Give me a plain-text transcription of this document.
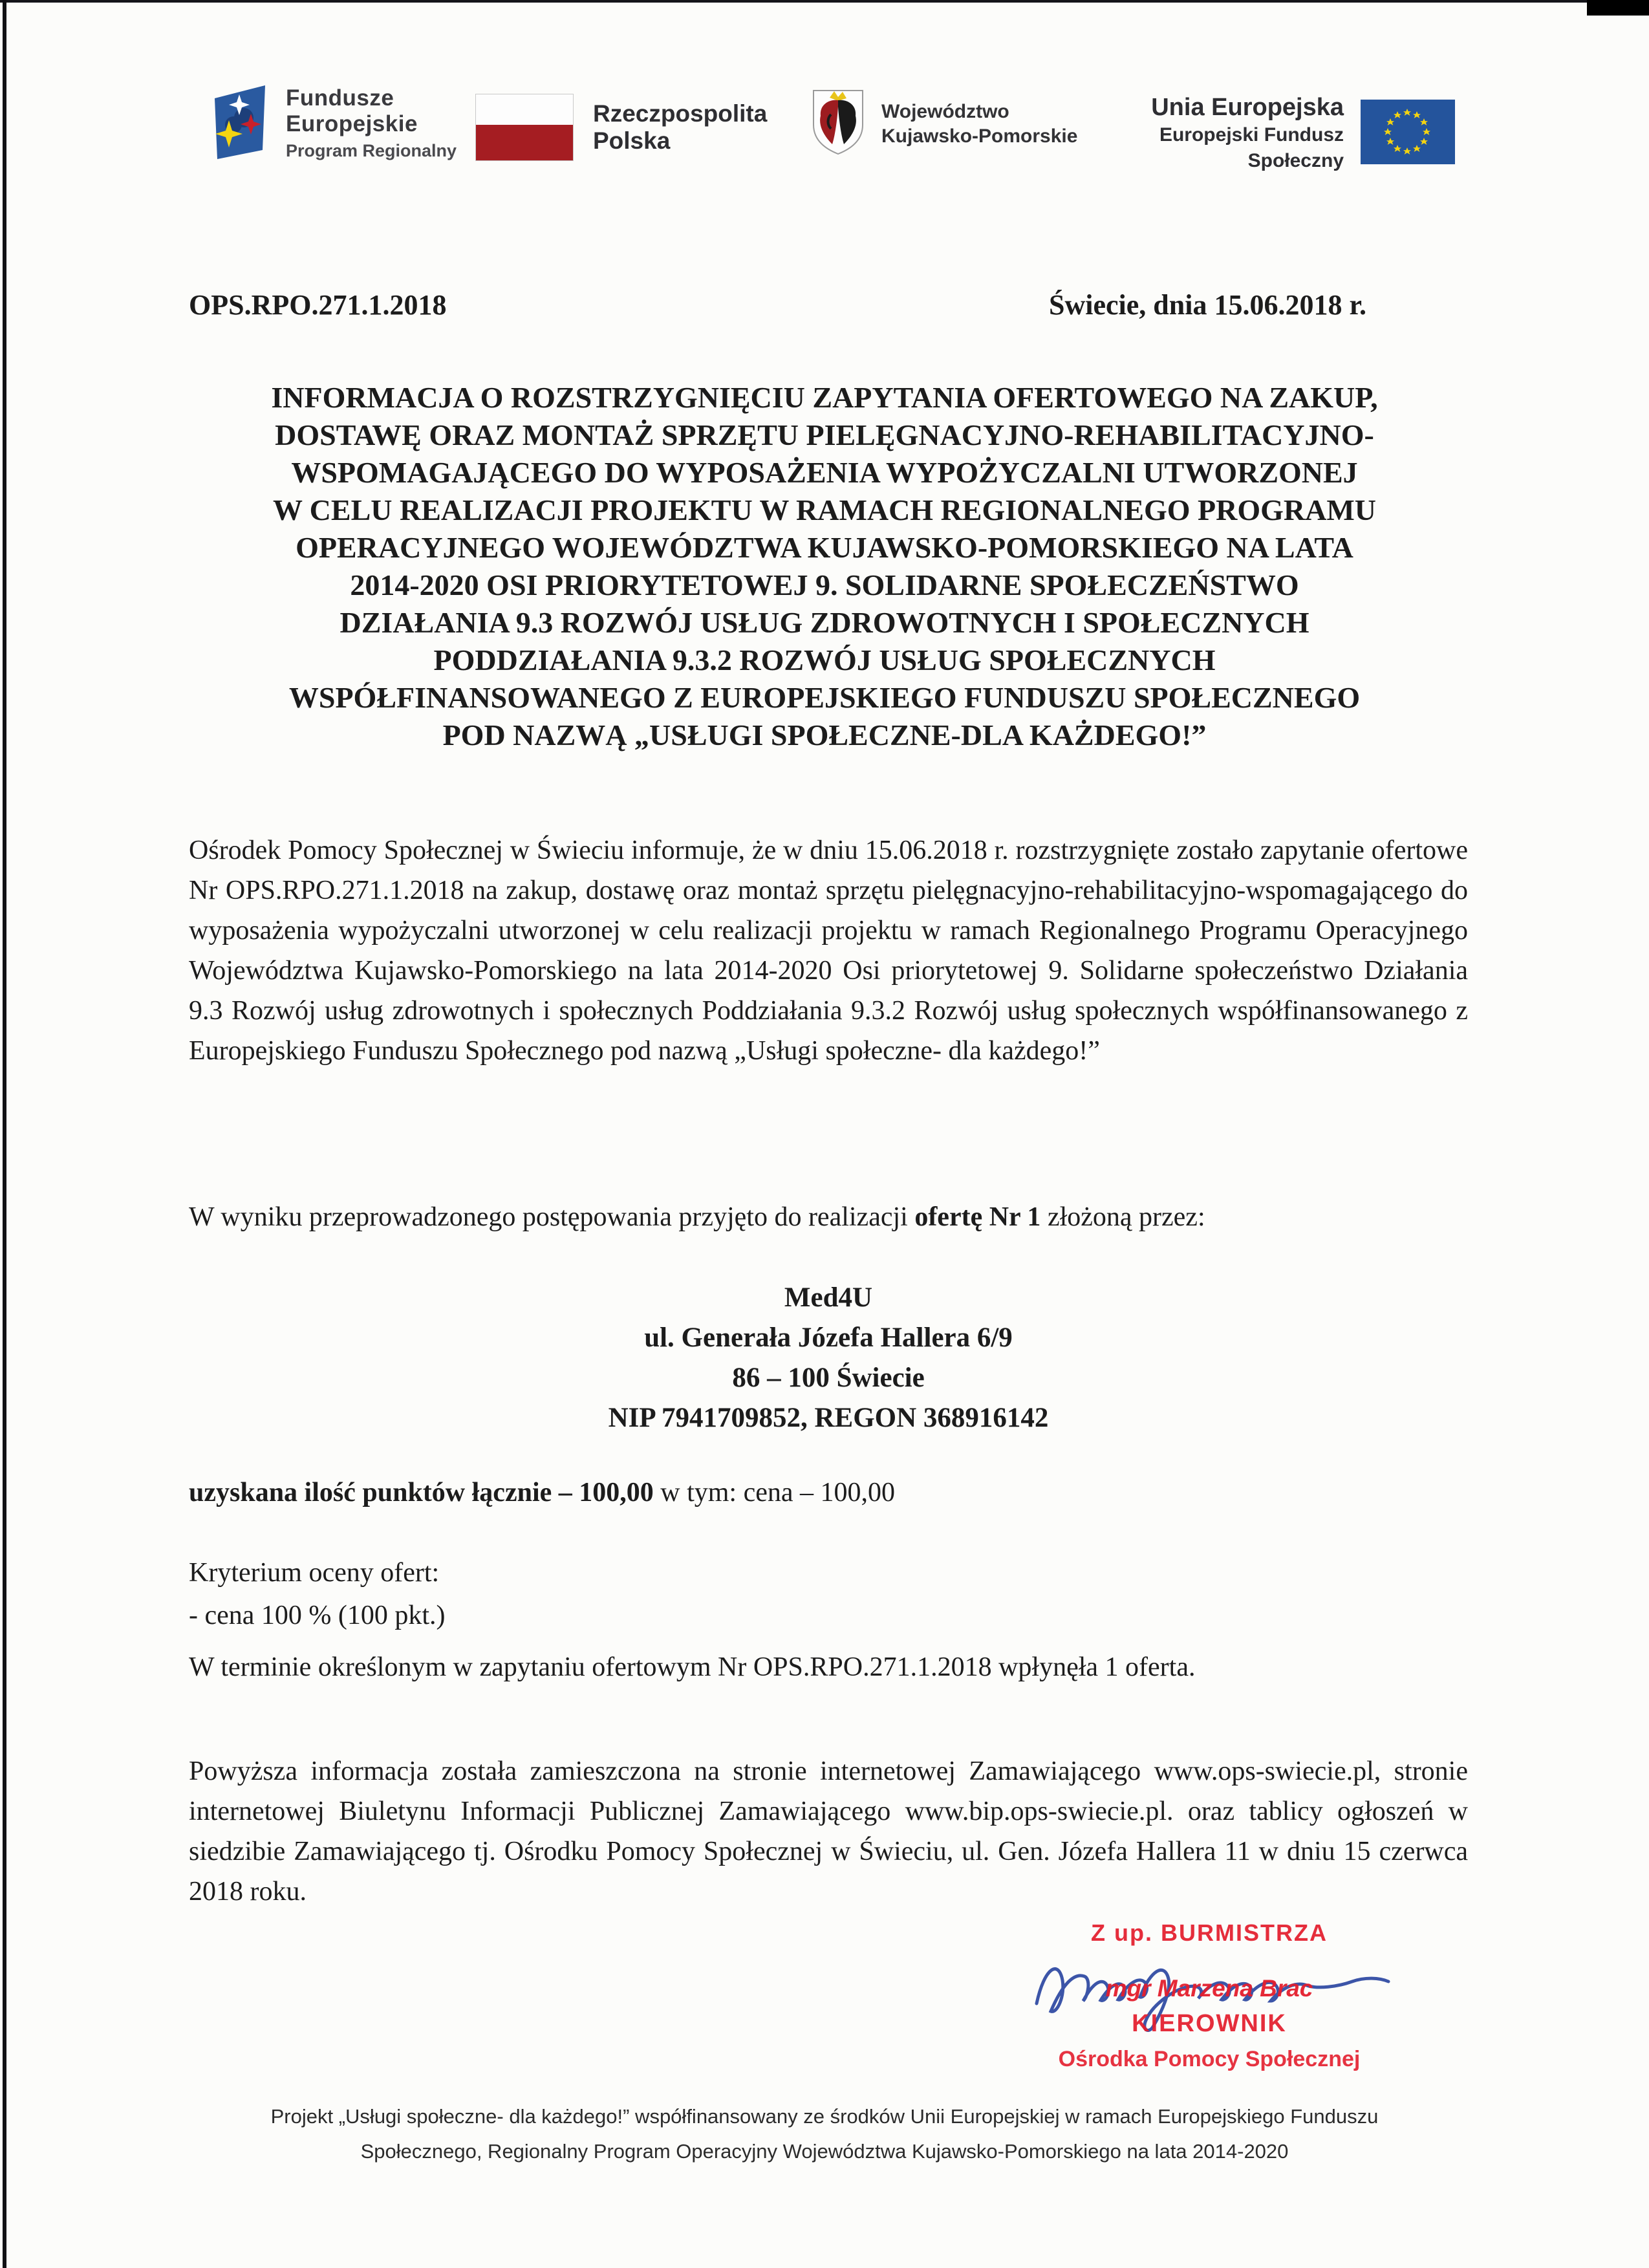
Fundusze
Europejskie
Program Regionalny
Rzeczpospolita
Polska
Województwo
Kujawsko-Pomorskie
Unia Europejska
Europejski Fundusz Społeczny
OPS.RPO.271.1.2018	Świecie, dnia 15.06.2018 r.
INFORMACJA O ROZSTRZYGNIĘCIU ZAPYTANIA OFERTOWEGO NA ZAKUP,
DOSTAWĘ ORAZ MONTAŻ SPRZĘTU PIELĘGNACYJNO-REHABILITACYJNO-
WSPOMAGAJĄCEGO DO WYPOSAŻENIA WYPOŻYCZALNI UTWORZONEJ
W CELU REALIZACJI PROJEKTU W RAMACH REGIONALNEGO PROGRAMU
OPERACYJNEGO WOJEWÓDZTWA KUJAWSKO-POMORSKIEGO NA LATA
2014-2020 OSI PRIORYTETOWEJ 9. SOLIDARNE SPOŁECZEŃSTWO
DZIAŁANIA 9.3 ROZWÓJ USŁUG ZDROWOTNYCH I SPOŁECZNYCH
PODDZIAŁANIA 9.3.2 ROZWÓJ USŁUG SPOŁECZNYCH
WSPÓŁFINANSOWANEGO Z EUROPEJSKIEGO FUNDUSZU SPOŁECZNEGO
POD NAZWĄ „USŁUGI SPOŁECZNE-DLA KAŻDEGO!”
Ośrodek Pomocy Społecznej w Świeciu informuje, że w dniu 15.06.2018 r. rozstrzygnięte zostało zapytanie ofertowe Nr OPS.RPO.271.1.2018 na zakup, dostawę oraz montaż sprzętu pielęgnacyjno-rehabilitacyjno-wspomagającego do wyposażenia wypożyczalni utworzonej w celu realizacji projektu w ramach Regionalnego Programu Operacyjnego Województwa Kujawsko-Pomorskiego na lata 2014-2020 Osi priorytetowej 9. Solidarne społeczeństwo Działania 9.3 Rozwój usług zdrowotnych i społecznych Poddziałania 9.3.2 Rozwój usług społecznych współfinansowanego z Europejskiego Funduszu Społecznego pod nazwą „Usługi społeczne- dla każdego!”
W wyniku przeprowadzonego postępowania przyjęto do realizacji ofertę Nr 1 złożoną przez:
Med4U
ul. Generała Józefa Hallera 6/9
86 – 100 Świecie
NIP 7941709852, REGON 368916142
uzyskana ilość punktów łącznie – 100,00 w tym: cena – 100,00
Kryterium oceny ofert:
- cena 100 % (100 pkt.)
W terminie określonym w zapytaniu ofertowym Nr OPS.RPO.271.1.2018 wpłynęła 1 oferta.
Powyższa informacja została zamieszczona na stronie internetowej Zamawiającego www.ops-swiecie.pl, stronie internetowej Biuletynu Informacji Publicznej Zamawiającego www.bip.ops-swiecie.pl. oraz tablicy ogłoszeń w siedzibie Zamawiającego tj. Ośrodku Pomocy Społecznej w Świeciu, ul. Gen. Józefa Hallera 11 w dniu 15 czerwca 2018 roku.
Z up. BURMISTRZA
mgr Marzena Brac
KIEROWNIK
Ośrodka Pomocy Społecznej
Projekt „Usługi społeczne- dla każdego!” współfinansowany ze środków Unii Europejskiej w ramach Europejskiego Funduszu Społecznego, Regionalny Program Operacyjny Województwa Kujawsko-Pomorskiego na lata 2014-2020
